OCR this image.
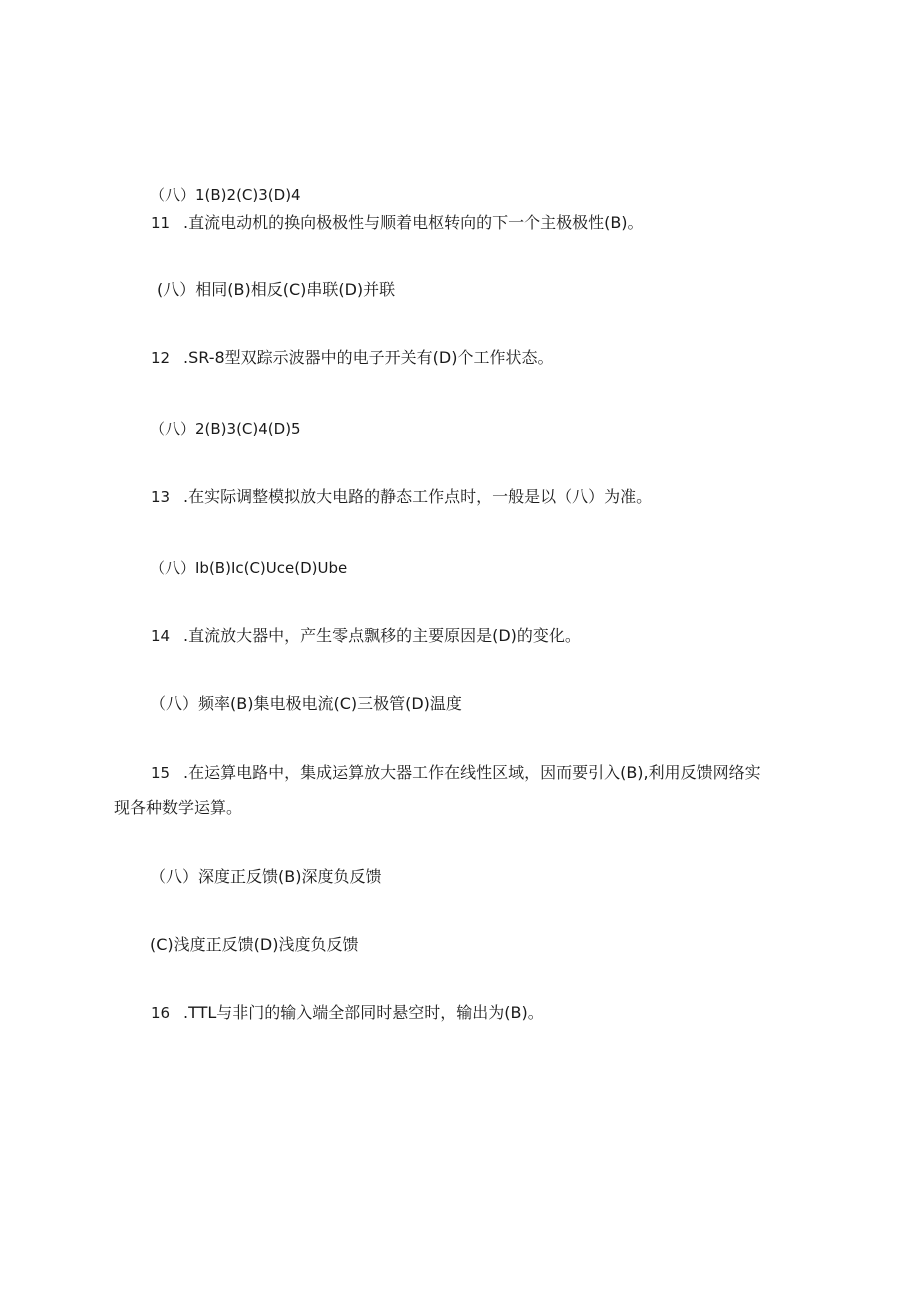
（八）1(B)2(C)3(D)4
11 .直流电动机的换向极极性与顺着电枢转向的下一个主极极性(B)。
(八）相同(B)相反(C)串联(D)并联
12 .SR-8型双踪示波器中的电子开关有(D)个工作状态。
（八）2(B)3(C)4(D)5
13 .在实际调整模拟放大电路的静态工作点时，一般是以（八）为准。
（八）Ib(B)Ic(C)Uce(D)Ube
14 .直流放大器中，产生零点飘移的主要原因是(D)的变化。
（八）频率(B)集电极电流(C)三极管(D)温度
15 .在运算电路中，集成运算放大器工作在线性区域，因而要引入(B),利用反馈网络实
现各种数学运算。
（八）深度正反馈(B)深度负反馈
(C)浅度正反馈(D)浅度负反馈
16 .TTL与非门的输入端全部同时悬空时，输出为(B)。
